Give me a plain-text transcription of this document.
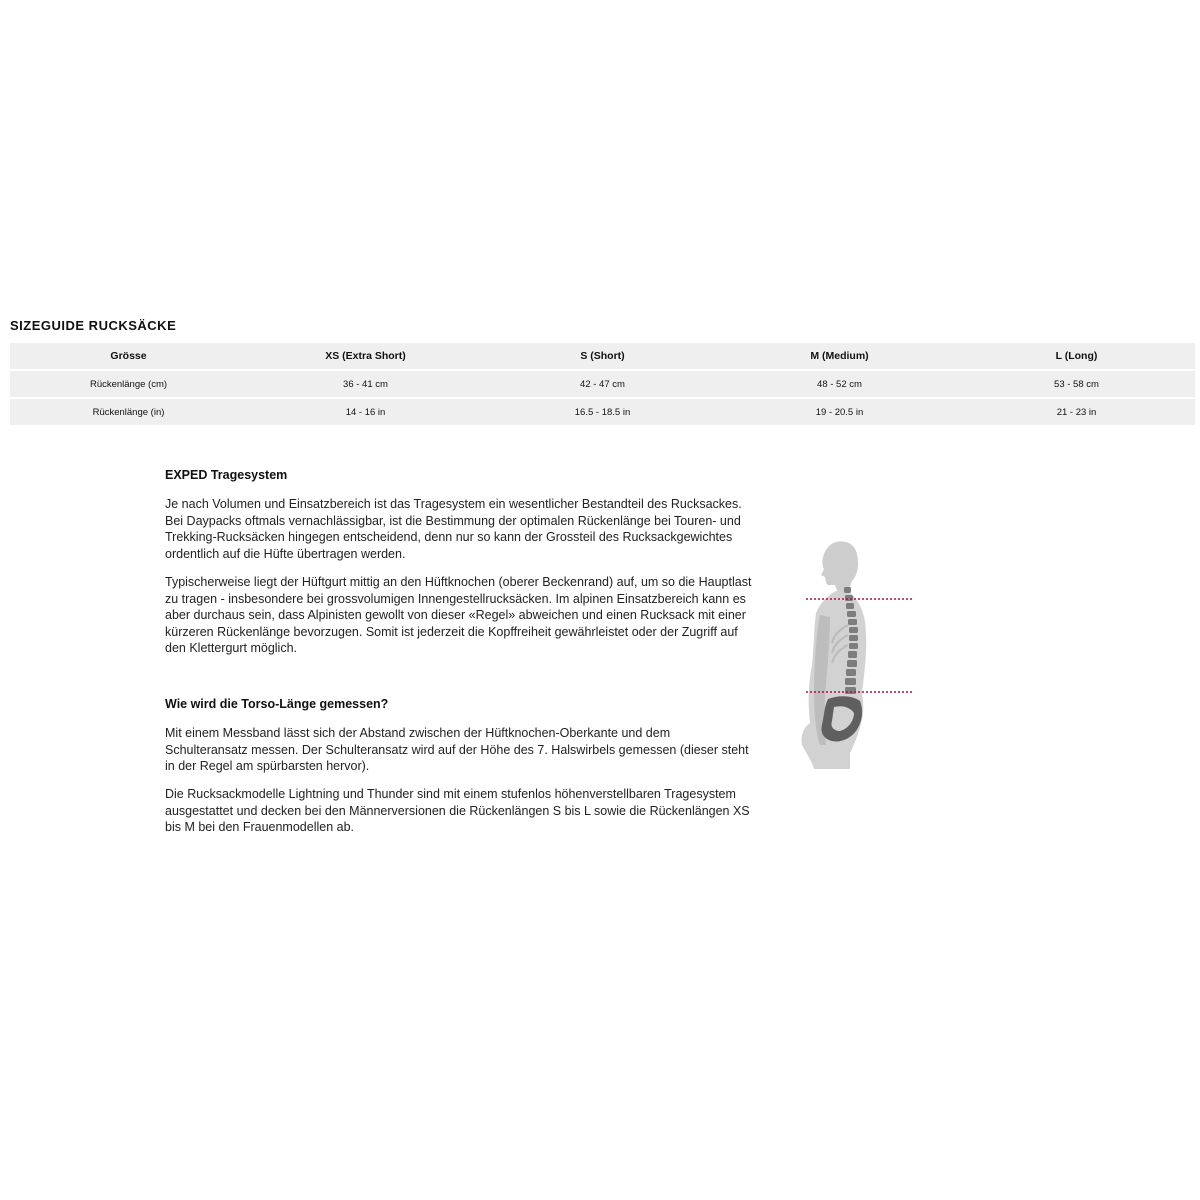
SIZEGUIDE RUCKSÄCKE
Grösse	XS (Extra Short)	S (Short)	M (Medium)	L (Long)
Rückenlänge (cm)	36 - 41 cm	42 - 47 cm	48 - 52 cm	53 - 58 cm
Rückenlänge (in)	14 - 16 in	16.5 - 18.5 in	19 - 20.5 in	21 - 23 in
EXPED Tragesystem

Je nach Volumen und Einsatzbereich ist das Tragesystem ein wesentlicher Bestandteil des Rucksackes. Bei Daypacks oftmals vernachlässigbar, ist die Bestimmung der optimalen Rückenlänge bei Touren- und Trekking-Rucksäcken hingegen entscheidend, denn nur so kann der Grossteil des Rucksackgewichtes ordentlich auf die Hüfte übertragen werden.

Typischerweise liegt der Hüftgurt mittig an den Hüftknochen (oberer Beckenrand) auf, um so die Hauptlast zu tragen - insbesondere bei grossvolumigen Innengestellrucksäcken. Im alpinen Einsatzbereich kann es aber durchaus sein, dass Alpinisten gewollt von dieser «Regel» abweichen und einen Rucksack mit einer kürzeren Rückenlänge bevorzugen. Somit ist jederzeit die Kopffreiheit gewährleistet oder der Zugriff auf den Klettergurt möglich.

Wie wird die Torso-Länge gemessen?

Mit einem Messband lässt sich der Abstand zwischen der Hüftknochen-Oberkante und dem Schulteransatz messen. Der Schulteransatz wird auf der Höhe des 7. Halswirbels gemessen (dieser steht in der Regel am spürbarsten hervor).

Die Rucksackmodelle Lightning und Thunder sind mit einem stufenlos höhenverstellbaren Tragesystem ausgestattet und decken bei den Männerversionen die Rückenlängen S bis L sowie die Rückenlängen XS bis M bei den Frauenmodellen ab.
